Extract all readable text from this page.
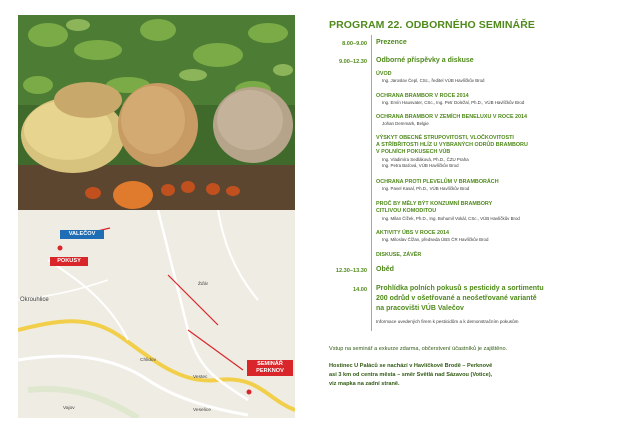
VALEČOV
POKUSY
SEMINÁŘ
PERKNOV
Okrouhlice
Žďár
Chlidov
Vestec
Vajov	Veselice
PROGRAM 22. ODBORNÉHO SEMINÁŘE
8.00–9.00 Prezence
9.00–12.30 Odborné příspěvky a diskuse
ÚVOD
Ing. Jaroslav Čepl, CSc., ředitel VÚB Havlíčkův Brod
OCHRANA BRAMBOR V ROCE 2014
Ing. Ervín Hausvater, CSc., Ing. Petr Doležal, Ph.D., VÚB Havlíčkův Brod
OCHRANA BRAMBOR V ZEMÍCH BENELUXU V ROCE 2014
Johan Demmark, Belgie
VÝSKYT OBECNÉ STRUPOVITOSTI, VLOČKOVITOSTI
A STŘÍBŘITOSTI HLÍZ U VYBRANÝCH ODRŮD BRAMBORU
V POLNÍCH POKUSECH VÚB
Ing. Vladimíra Sedláková, Ph.D., ČZU Praha
Ing. Petra Baťová, VÚB Havlíčkův Brod
OCHRANA PROTI PLEVELŮM V BRAMBORÁCH
Ing. Pavel Kasal, Ph.D., VÚB Havlíčkův Brod
PROČ BY MĚLY BÝT KONZUMNÍ BRAMBORY
CITLIVOU KOMODITOU
Ing. Milan Čížek, Ph.D., Ing. Bohumil Vokál, CSc., VÚB Havlíčkův Brod
AKTIVITY ÚBS V ROCE 2014
Ing. Miloslav Čížan, předseda ÚBS ČR Havlíčkův Brod
DISKUSE, ZÁVĚR
12.30–13.30 Oběd
14.00 Prohlídka polních pokusů s pesticidy a sortimentu
200 odrůd v ošetřované a neošetřované variantě
na pracovišti VÚB Valečov
Informace uvedených firem k pesticidům a k demonstračním pokusům
Vstup na seminář a exkurze zdarma, občerstvení účastníků je zajištěno.
Hostinec U Paláců se nachází v Havlíčkově Brodě – Perknově
asi 3 km od centra města – směr Světlá nad Sázavou (Votice),
viz mapka na zadní straně.
